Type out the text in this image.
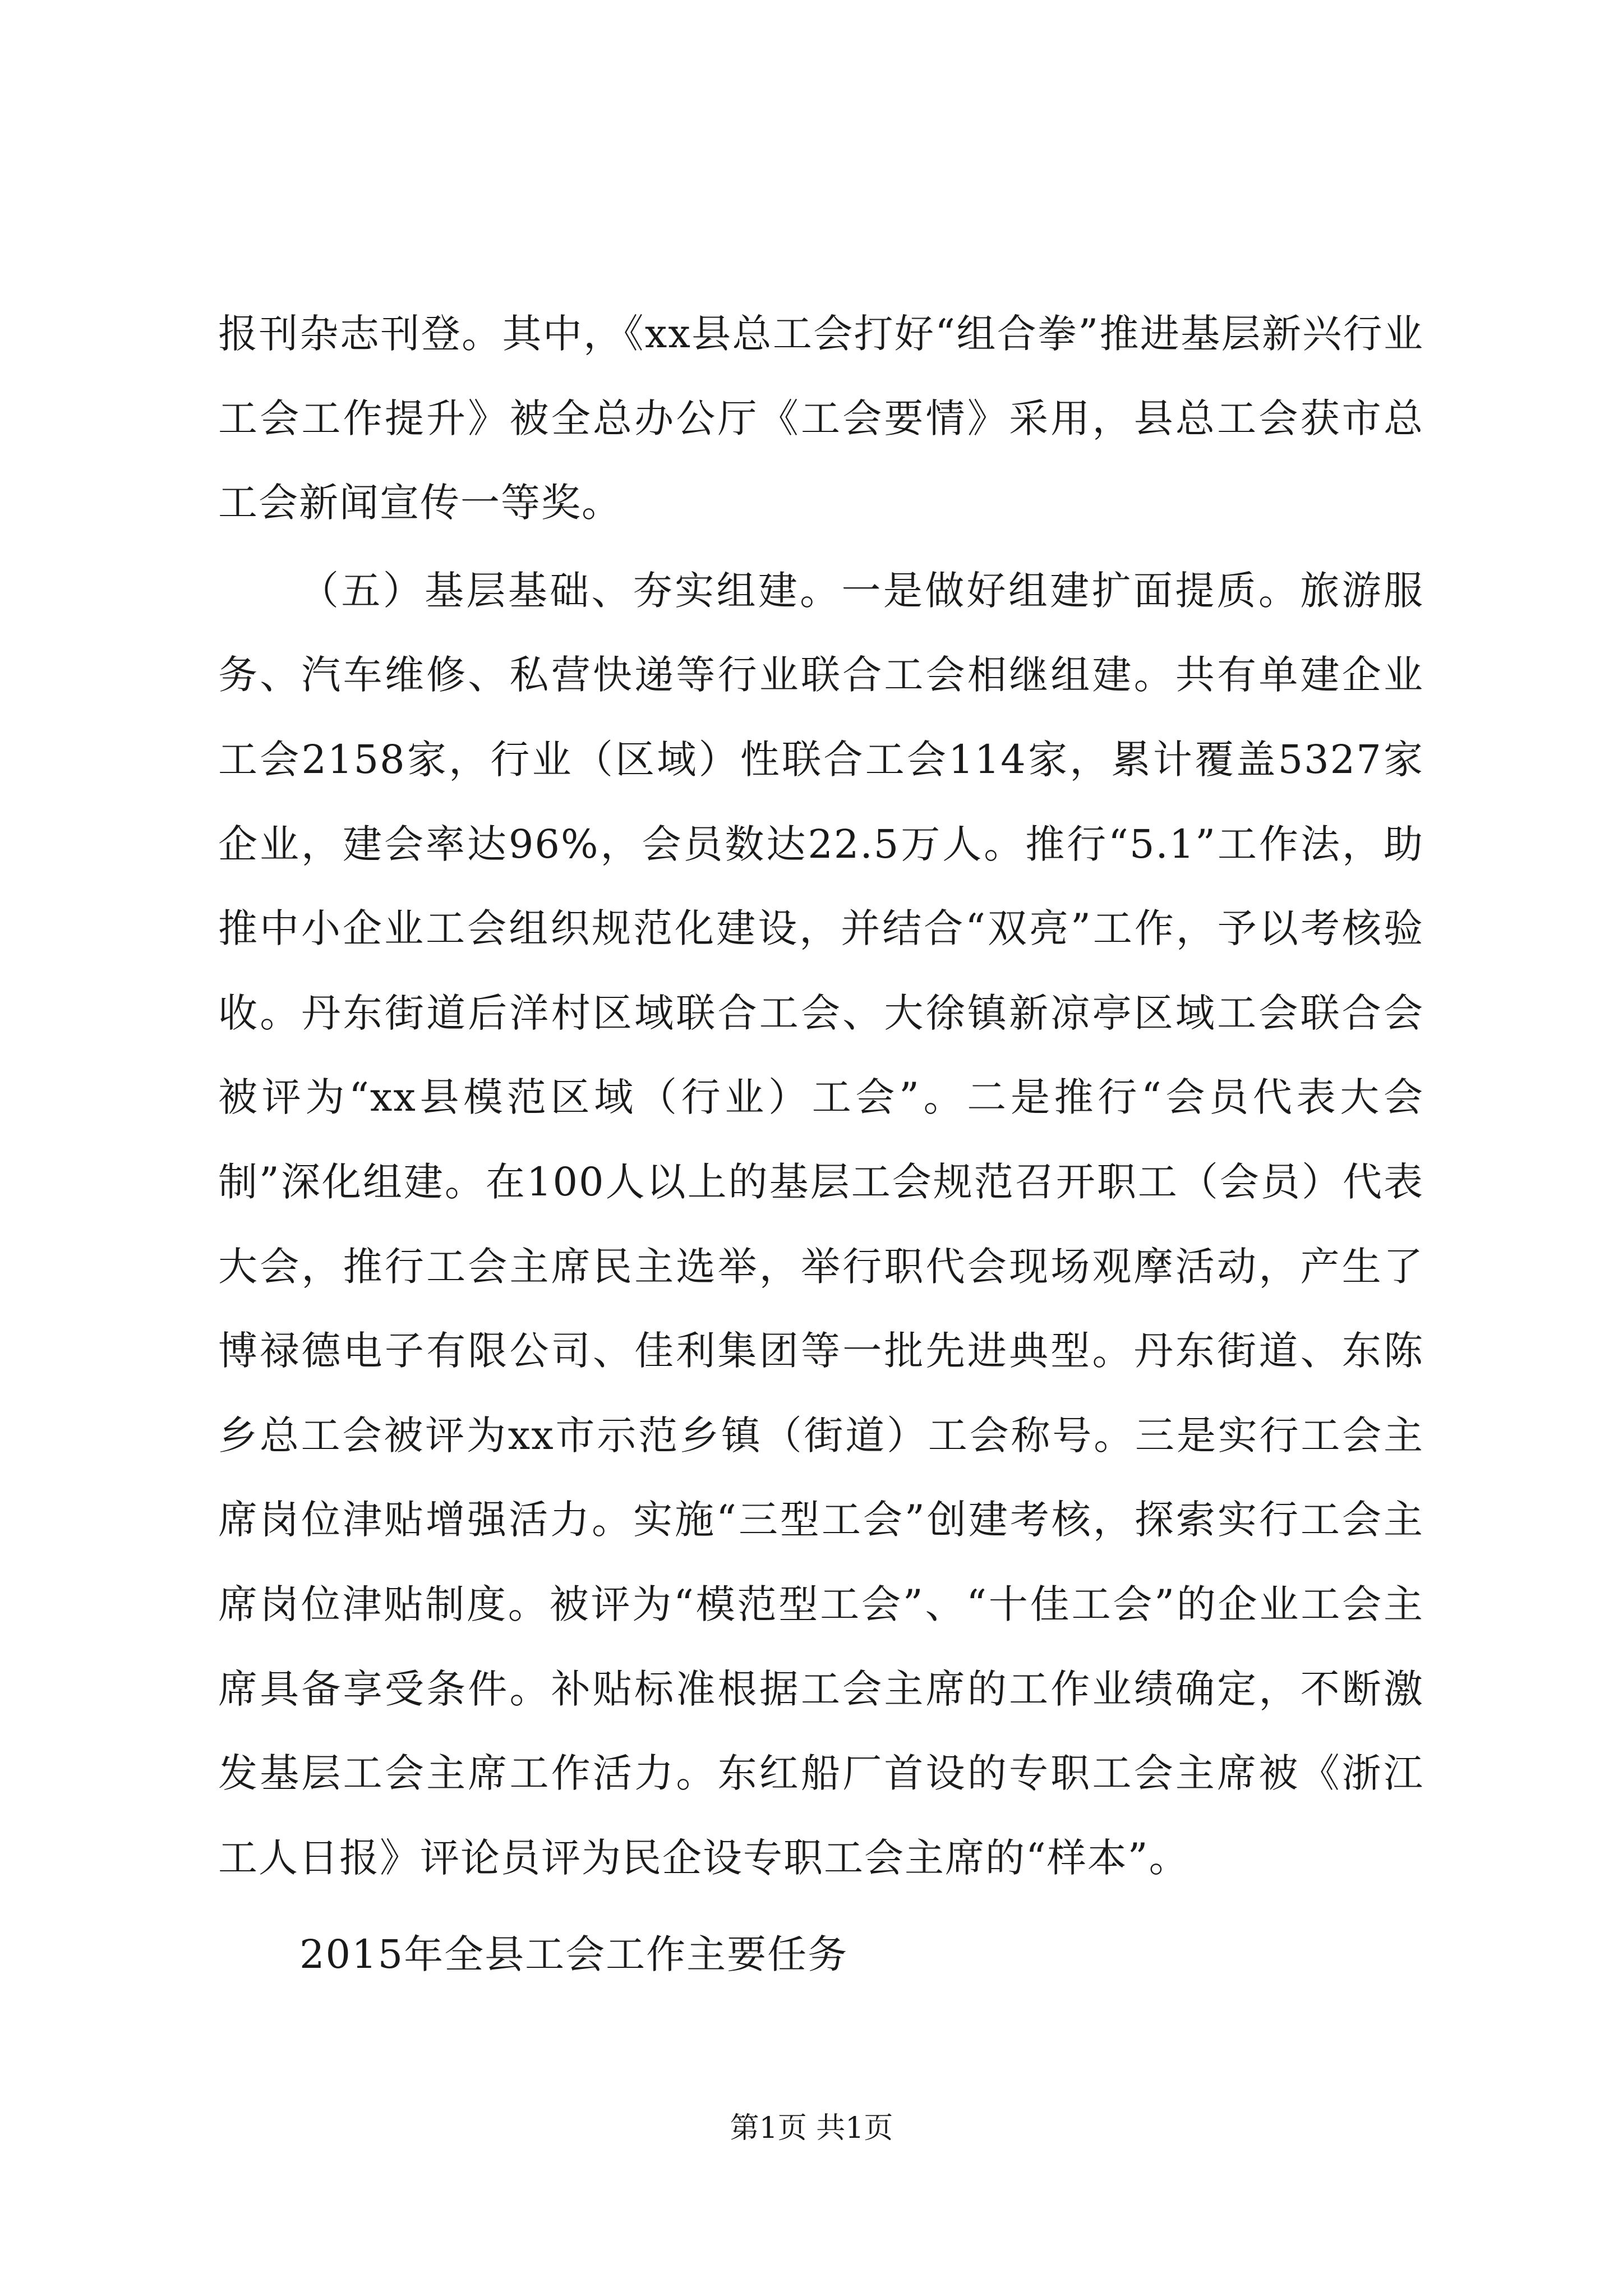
报刊杂志刊登。其中，《xx县总工会打好“组合拳”推进基层新兴行业工会工作提升》被全总办公厅《工会要情》采用，县总工会获市总工会新闻宣传一等奖。

（五）基层基础、夯实组建。一是做好组建扩面提质。旅游服务、汽车维修、私营快递等行业联合工会相继组建。共有单建企业工会2158家，行业（区域）性联合工会114家，累计覆盖5327家企业，建会率达96%，会员数达22.5万人。推行“5.1”工作法，助推中小企业工会组织规范化建设，并结合“双亮”工作，予以考核验收。丹东街道后洋村区域联合工会、大徐镇新凉亭区域工会联合会被评为“xx县模范区域（行业）工会”。二是推行“会员代表大会制”深化组建。在100人以上的基层工会规范召开职工（会员）代表大会，推行工会主席民主选举，举行职代会现场观摩活动，产生了博禄德电子有限公司、佳利集团等一批先进典型。丹东街道、东陈乡总工会被评为xx市示范乡镇（街道）工会称号。三是实行工会主席岗位津贴增强活力。实施“三型工会”创建考核，探索实行工会主席岗位津贴制度。被评为“模范型工会”、“十佳工会”的企业工会主席具备享受条件。补贴标准根据工会主席的工作业绩确定，不断激发基层工会主席工作活力。东红船厂首设的专职工会主席被《浙江工人日报》评论员评为民企设专职工会主席的“样本”。

2015年全县工会工作主要任务

第1页 共1页
